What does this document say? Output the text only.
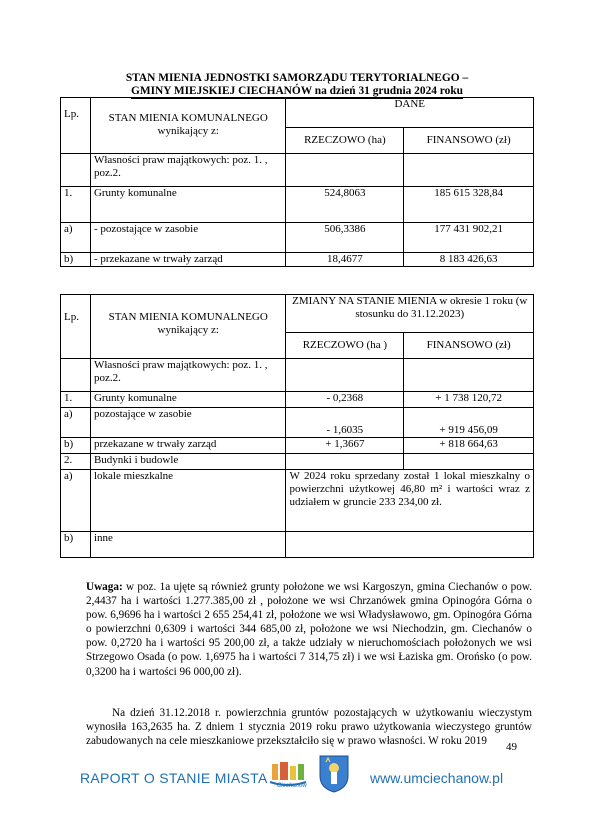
STAN MIENIA JEDNOSTKI SAMORZĄDU TERYTORIALNEGO –
GMINY MIEJSKIEJ CIECHANÓW na dzień 31 grudnia 2024 roku
Lp.	STAN MIENIA KOMUNALNEGO wynikający z:	DANE	
		RZECZOWO (ha)	FINANSOWO (zł)
	Własności praw majątkowych: poz. 1. , poz.2.		
1.	Grunty komunalne	524,8063	185 615 328,84
a)	- pozostające w zasobie	506,3386	177 431 902,21
b)	- przekazane w trwały zarząd	18,4677	8 183 426,63
Lp.	STAN MIENIA KOMUNALNEGO wynikający z:	ZMIANY NA STANIE MIENIA w okresie 1 roku (w stosunku do 31.12.2023)	
		RZECZOWO (ha )	FINANSOWO (zł)
	Własności praw majątkowych: poz. 1. , poz.2.		
1.	Grunty komunalne	- 0,2368	+ 1 738 120,72
a)	pozostające w zasobie	- 1,6035	+ 919 456,09
b)	przekazane w trwały zarząd	+ 1,3667	+ 818 664,63
2.	Budynki i budowle		
a)	lokale mieszkalne	W 2024 roku sprzedany został 1 lokal mieszkalny o powierzchni użytkowej 46,80 m² i wartości wraz z udziałem w gruncie 233 234,00 zł.	
b)	inne		
Uwaga: w poz. 1a ujęte są również grunty położone we wsi Kargoszyn, gmina Ciechanów o pow. 2,4437 ha i wartości 1.277.385,00 zł , położone we wsi Chrzanówek gmina Opinogóra Górna o pow. 6,9696 ha i wartości 2 655 254,41 zł, położone we wsi Władysławowo, gm. Opinogóra Górna o powierzchni 0,6309 i wartości 344 685,00 zł, położone we wsi Niechodzin, gm. Ciechanów o pow. 0,2720 ha i wartości 95 200,00 zł, a także udziały w nieruchomościach położonych we wsi Strzegowo Osada (o pow. 1,6975 ha i wartości 7 314,75 zł) i we wsi Łaziska gm. Orońsko (o pow. 0,3200 ha i wartości 96 000,00 zł).
Na dzień 31.12.2018 r. powierzchnia gruntów pozostających w użytkowaniu wieczystym wynosiła 163,2635 ha. Z dniem 1 stycznia 2019 roku prawo użytkowania wieczystego gruntów zabudowanych na cele mieszkaniowe przekształciło się w prawo własności. W roku 2019	49
RAPORT O STANIE MIASTA Ciechanów	www.umciechanow.pl
